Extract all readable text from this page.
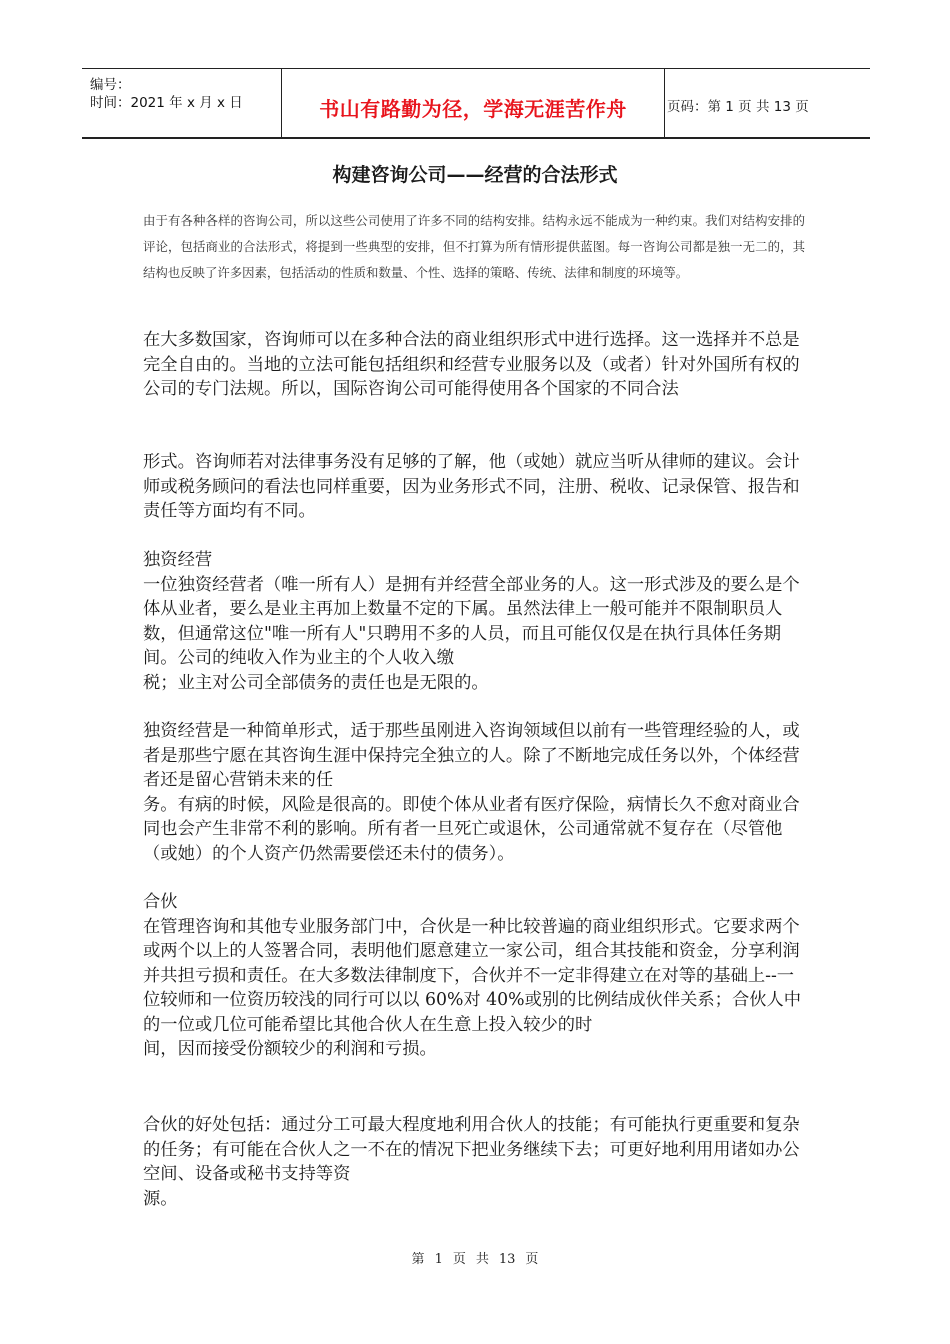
编号：
时间：2021 年 x 月 x 日	书山有路勤为径，学海无涯苦作舟	页码：第 1 页 共 13 页
构建咨询公司——经营的合法形式
由于有各种各样的咨询公司，所以这些公司使用了许多不同的结构安排。结构永远不能成为一种约束。我们对结构安排的评论，包括商业的合法形式，将提到一些典型的安排，但不打算为所有情形提供蓝图。每一咨询公司都是独一无二的，其结构也反映了许多因素，包括活动的性质和数量、个性、选择的策略、传统、法律和制度的环境等。

在大多数国家，咨询师可以在多种合法的商业组织形式中进行选择。这一选择并不总是完全自由的。当地的立法可能包括组织和经营专业服务以及（或者）针对外国所有权的公司的专门法规。所以，国际咨询公司可能得使用各个国家的不同合法

形式。咨询师若对法律事务没有足够的了解，他（或她）就应当听从律师的建议。会计师或税务顾问的看法也同样重要，因为业务形式不同，注册、税收、记录保管、报告和责任等方面均有不同。

独资经营

一位独资经营者（唯一所有人）是拥有并经营全部业务的人。这一形式涉及的要么是个体从业者，要么是业主再加上数量不定的下属。虽然法律上一般可能并不限制职员人数，但通常这位"唯一所有人"只聘用不多的人员，而且可能仅仅是在执行具体任务期间。公司的纯收入作为业主的个人收入缴

税；业主对公司全部债务的责任也是无限的。

独资经营是一种简单形式，适于那些虽刚进入咨询领域但以前有一些管理经验的人，或者是那些宁愿在其咨询生涯中保持完全独立的人。除了不断地完成任务以外，个体经营者还是留心营销未来的任

务。有病的时候，风险是很高的。即使个体从业者有医疗保险，病情长久不愈对商业合同也会产生非常不利的影响。所有者一旦死亡或退休，公司通常就不复存在（尽管他（或她）的个人资产仍然需要偿还未付的债务）。

合伙

在管理咨询和其他专业服务部门中，合伙是一种比较普遍的商业组织形式。它要求两个或两个以上的人签署合同，表明他们愿意建立一家公司，组合其技能和资金，分享利润并共担亏损和责任。在大多数法律制度下，合伙并不一定非得建立在对等的基础上--一位较师和一位资历较浅的同行可以以 60%对 40%或别的比例结成伙伴关系；合伙人中的一位或几位可能希望比其他合伙人在生意上投入较少的时

间，因而接受份额较少的利润和亏损。

合伙的好处包括：通过分工可最大程度地利用合伙人的技能；有可能执行更重要和复杂的任务；有可能在合伙人之一不在的情况下把业务继续下去；可更好地利用用诸如办公空间、设备或秘书支持等资

源。

第 1 页 共 13 页
